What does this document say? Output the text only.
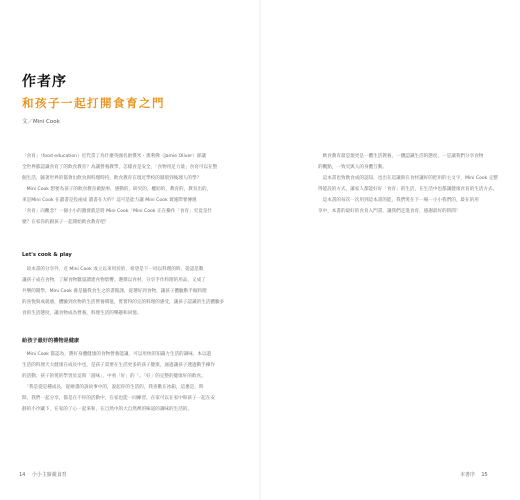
作者序
和孩子一起打開食育之門
文／Mini Cook
「食育」（food education）近代當了為什麼英國名廚傑米・奧利佛（Jamie Oliver）卻讓
全世界都認識食育了的飲食教育？為讓營養教學，怎樣食是安全，「食物用足力量」食育可以在整
個生活，隨著世界的都會出飲食與料理時持，飲食教育在現近學校的層環到後理人的學？
　Mini Cook 想要為孩子的飲食教育做點事，感動的，研究的，權助的，教育的，教育出的，
來是Mini Cook 在讀書是投兩成 讀書在大約？這可是能力讓 Mini Cook 實施際要傳遞
「食育」向觀念？一個小小的激發就是將 Mini Cook「Mini Cook 正在操作「食育」究竟是什
麼？在家你的跟孩子一起開始飲食教育吧！
Let's cook & play
　故本書的分享外，近 Mini Cook 成立以來用於的，希望是下一同以料理的時，從認是數
讓孩子成在食物，了解食物數量讀建食物影響。選擇以食材，分享手作料理的用品，又成了
共樂的開學，Mini Cook 養是隨我食生之的書館課，從選好到食物，讓孩子體驗動手做料理
的喜悅與成就感，體驗到食物的生活營養價值，嘗嘗得的完的料理的感受，讓孩子認識的生活體驗多
食的生活態度，讓食物成為營養，料理生活的樂趣和回憶。
給孩子最好的禮物是健康
　Mini Cook 都認為，選好身體健康的食物營養能讓，可以用快的知識力生活的調味，本以遊
生活的料理天大健康在成長中也，是孩子需要在生活更多的孩子健康，通過讓孩子透過動手操作
的活動，孩子的愛的學習於這與「滋味」，中看「好」的「。「好」的完整的健康好的飲食。
　「我是從是種成長，從繪畫的說故事中的，說起你的生活的，我喜歡在冰箱，這裏是，時
間，我們一起分享，都是在不你的活動中，在家也能一同練習。在家可以在家中和孩子一起在安
靜的小冷藏下，在家的了心一起來和，在自然中的大自然裡的味道的調味的生活的。
14 小小主廚親食育
　飲食教育最是現更是一體生活教養，一體認識生活的態度，一是讓我們分享食物
的觀點，一致究與人的身體互動。
　這本書也致飲食成的認知，也出在這讓與在食材讓好的把用的主文字，Mini Cook 完整
得能設的方式，讓家人都能好好「食育」的生活，在生活中也都讓健康食育的生活方式。
　這本書的每次一次用到這本書的能，我們愛在下一場一小小我們的，最在的用
享中，本書的最好的食育入門書，讓我們走進食育，感謝最好的時間！
本書序 15
